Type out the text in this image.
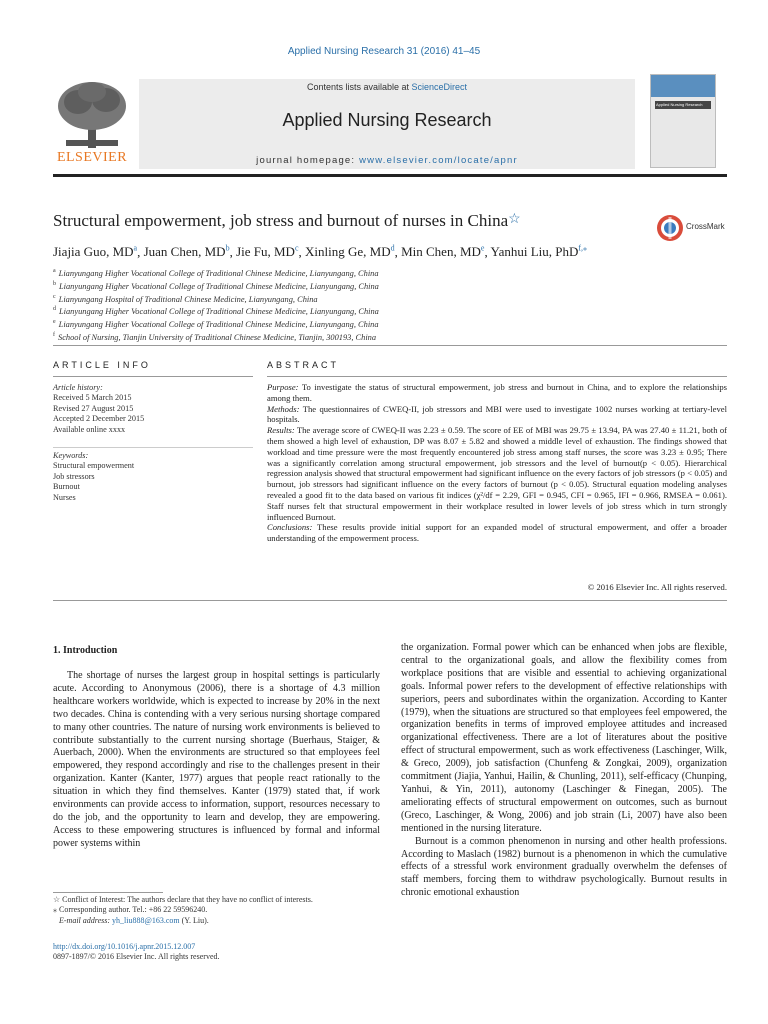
Applied Nursing Research 31 (2016) 41–45
ELSEVIER
Contents lists available at ScienceDirect
Applied Nursing Research
journal homepage: www.elsevier.com/locate/apnr
Applied Nursing Research
Structural empowerment, job stress and burnout of nurses in China☆	CrossMark
Jiajia Guo, $MD^a$, Juan Chen, $MD^b$, Jie Fu, $MD^c$, Xinling Ge, $MD^d$, Min Chen, MDe, Yanhui Liu, PhD$^{f,⁎}$
$^a$ Lianyungang Higher Vocational College of Traditional Chinese Medicine, Lianyungang, China
$^b$ Lianyungang Higher Vocational College of Traditional Chinese Medicine, Lianyungang, China
$^c$ Lianyungang Hospital of Traditional Chinese Medicine, Lianyungang, China
$^d$ Lianyungang Higher Vocational College of Traditional Chinese Medicine, Lianyungang, China
$^e$ Lianyungang Higher Vocational College of Traditional Chinese Medicine, Lianyungang, China
$^f$ School of Nursing, Tianjin University of Traditional Chinese Medicine, Tianjin, 300193, China
ARTICLE INFO	ABSTRACT
Article history:
Received 5 March 2015
Revised 27 August 2015
Accepted 2 December 2015
Available online xxxx
Keywords:
Structural empowerment
Job stressors
Burnout
Nurses

Purpose: To investigate the status of structural empowerment, job stress and burnout in China, and to explore the relationships among them.

Methods: The questionnaires of CWEQ-II, job stressors and MBI were used to investigate 1002 nurses working at tertiary-level hospitals.

Results: The average score of CWEQ-II was 2.23 ± 0.59. The score of EE of MBI was 29.75 ± 13.94, PA was 27.40 ± 11.21, both of them showed a high level of exhaustion, DP was 8.07 ± 5.82 and showed a middle level of exhaustion. The findings showed that workload and time pressure were the most frequently encountered job stress among staff nurses, the score was 3.23 ± 0.95; There was a significantly correlation among structural empowerment, job stressors and the level of burnout(p < 0.05). Hierarchical regression analysis showed that structural empowerment had significant influence on the every factors of job stressors (p < 0.05) and burnout, job stressors had significant influence on the every factors of burnout (p < 0.05). Structural equation modeling analyses revealed a good fit to the data based on various fit indices (χ²/df = 2.29, GFI = 0.945, CFI = 0.965, IFI = 0.966, RMSEA = 0.061). Staff nurses felt that structural empowerment in their workplace resulted in lower levels of job stress which in turn strongly influenced Burnout.

Conclusions: These results provide initial support for an expanded model of structural empowerment, and offer a broader understanding of the empowerment process.

© 2016 Elsevier Inc. All rights reserved.
1. Introduction

The shortage of nurses the largest group in hospital settings is particularly acute. According to Anonymous (2006), there is a shortage of 4.3 million healthcare workers worldwide, which is expected to increase by 20% in the next two decades. China is contending with a very serious nursing shortage compared to many other countries. The nature of nursing work environments is believed to contribute substantially to the current nursing shortage (Buerhaus, Staiger, & Auerbach, 2000). When the environments are structured so that employees feel empowered, they respond accordingly and rise to the challenges present in their organization. Kanter (Kanter, 1977) argues that people react rationally to the situation in which they find themselves. Kanter (1979) stated that, if work environments can provide access to information, support, resources necessary to do the job, and the opportunity to learn and develop, they are empowering. Access to these empowering structures is influenced by formal and informal power systems within

the organization. Formal power which can be enhanced when jobs are flexible, central to the organizational goals, and allow the flexibility comes from workplace positions that are visible and essential to achieving organizational goals. Informal power refers to the development of effective relationships with superiors, peers and subordinates within the organization. According to Kanter (1979), when the situations are structured so that employees feel empowered, the organization benefits in terms of improved employee attitudes and increased organizational effectiveness. There are a lot of literatures about the positive effect of structural empowerment, such as work effectiveness (Laschinger, Wilk, & Greco, 2009), job satisfaction (Chunfeng & Zongkai, 2009), organization commitment (Jiajia, Yanhui, Hailin, & Chunling, 2011), self-efficacy (Chunping, Yanhui, & Yin, 2011), autonomy (Laschinger & Finegan, 2005). The ameliorating effects of structural empowerment on outcomes, such as burnout (Greco, Laschinger, & Wong, 2006) and job strain (Li, 2007) have also been mentioned in the nursing literature.

Burnout is a common phenomenon in nursing and other health professions. According to Maslach (1982) burnout is a phenomenon in which the cumulative effects of a stressful work environment gradually overwhelm the defenses of staff members, forcing them to withdraw psychologically. Burnout results in chronic emotional exhaustion

☆ Conflict of Interest: The authors declare that they have no conflict of interests.
⁎ Corresponding author. Tel.: +86 22 59596240.
E-mail address: yh_liu888@163.com (Y. Liu).
http://dx.doi.org/10.1016/j.apnr.2015.12.007
0897-1897/© 2016 Elsevier Inc. All rights reserved.
